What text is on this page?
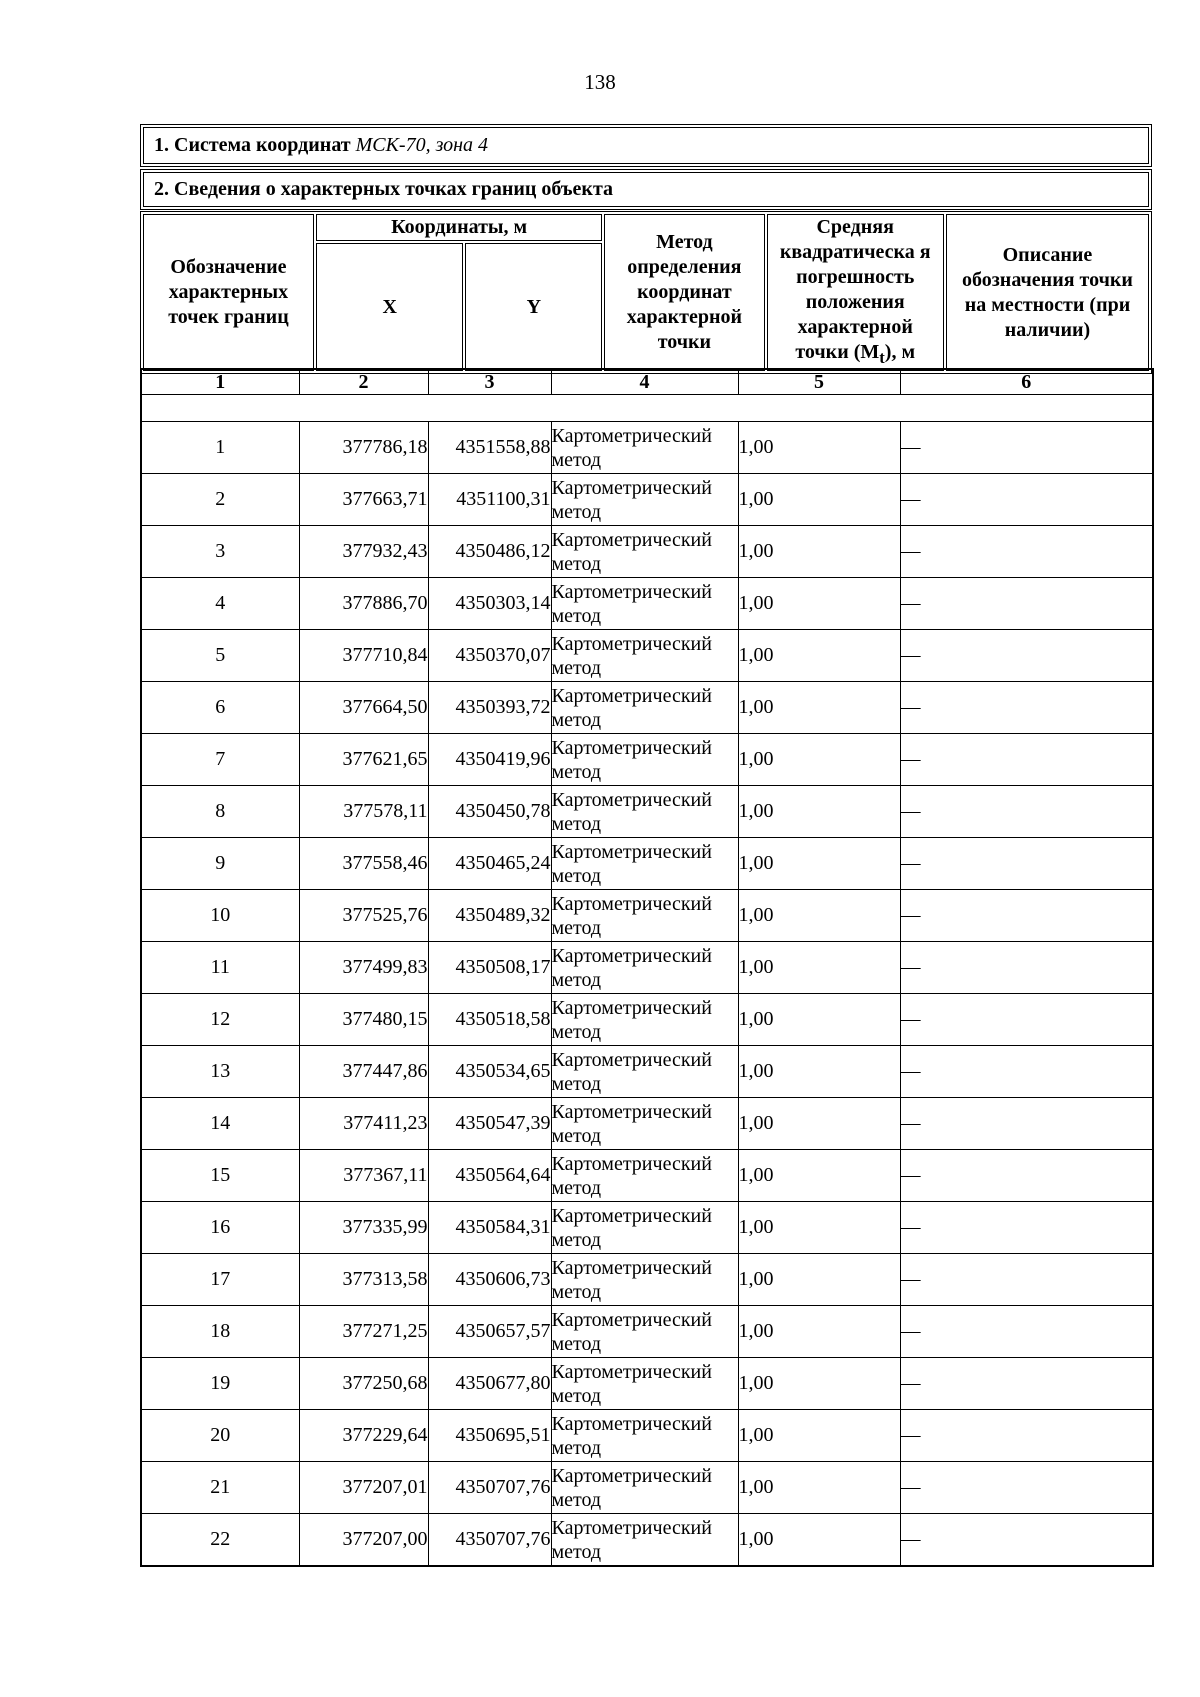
138
1. Система координат
МСК-70, зона 4
2. Сведения о характерных точках границ объекта
Обозначение характерных точек границ	Координаты, м		Метод определения координат характерной точки	Средняя квадратическа я погрешность положения характерной точки $(M_t)$, м	Описание обозначения точки на местности (при наличии)
	X	Y			
1	2	3	4	5	6

1	377786,18	4351558,88	Картометрический метод	1,00	—
2	377663,71	4351100,31	Картометрический метод	1,00	—
3	377932,43	4350486,12	Картометрический метод	1,00	—
4	377886,70	4350303,14	Картометрический метод	1,00	—
5	377710,84	4350370,07	Картометрический метод	1,00	—
6	377664,50	4350393,72	Картометрический метод	1,00	—
7	377621,65	4350419,96	Картометрический метод	1,00	—
8	377578,11	4350450,78	Картометрический метод	1,00	—
9	377558,46	4350465,24	Картометрический метод	1,00	—
10	377525,76	4350489,32	Картометрический метод	1,00	—
11	377499,83	4350508,17	Картометрический метод	1,00	—
12	377480,15	4350518,58	Картометрический метод	1,00	—
13	377447,86	4350534,65	Картометрический метод	1,00	—
14	377411,23	4350547,39	Картометрический метод	1,00	—
15	377367,11	4350564,64	Картометрический метод	1,00	—
16	377335,99	4350584,31	Картометрический метод	1,00	—
17	377313,58	4350606,73	Картометрический метод	1,00	—
18	377271,25	4350657,57	Картометрический метод	1,00	—
19	377250,68	4350677,80	Картометрический метод	1,00	—
20	377229,64	4350695,51	Картометрический метод	1,00	—
21	377207,01	4350707,76	Картометрический метод	1,00	—
22	377207,00	4350707,76	Картометрический метод	1,00	—
